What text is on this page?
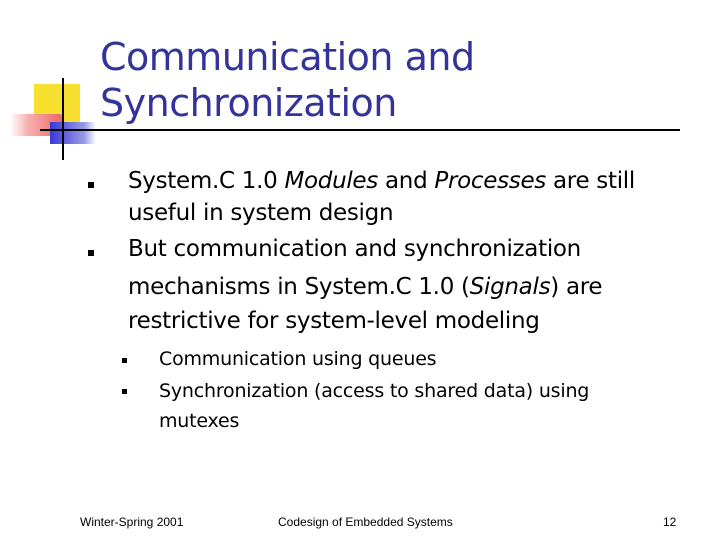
Communication and
Synchronization
System.C 1.0 Modules and Processes are still
useful in system design
But communication and synchronization
mechanisms in System.C 1.0 (Signals) are
restrictive for system-level modeling
Communication using queues
Synchronization (access to shared data) using
mutexes
Winter-Spring 2001	Codesign of Embedded Systems	12
